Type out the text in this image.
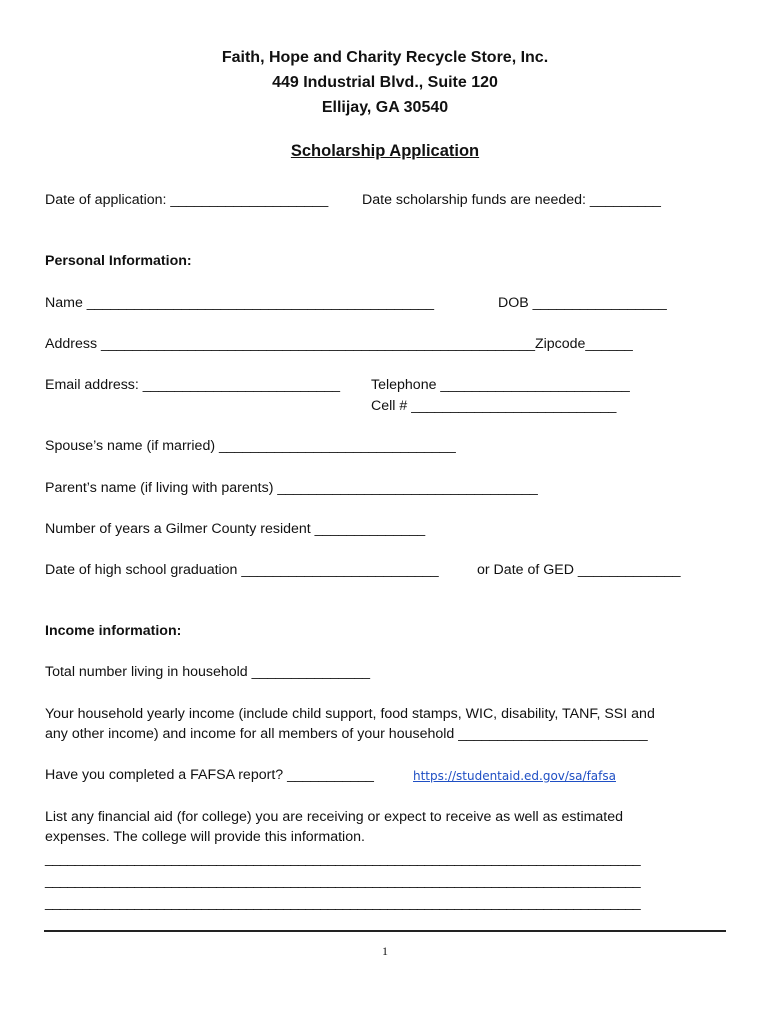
Faith, Hope and Charity Recycle Store, Inc.
449 Industrial Blvd., Suite 120
Ellijay, GA 30540
Scholarship Application
Date of application: ____________________ Date scholarship funds are needed: _________
Personal Information:
Name ____________________________________________	DOB _________________
Address _______________________________________________________Zipcode______
Email address: _________________________ Telephone ________________________
Cell # __________________________
Spouse’s name (if married) ______________________________
Parent’s name (if living with parents) _________________________________
Number of years a Gilmer County resident ______________
Date of high school graduation _________________________	or Date of GED _____________
Income information:
Total number living in household _______________
Your household yearly income (include child support, food stamps, WIC, disability, TANF, SSI and
any other income) and income for all members of your household ________________________
Have you completed a FAFSA report? ___________	https://studentaid.ed.gov/sa/fafsa
List any financial aid (for college) you are receiving or expect to receive as well as estimated
expenses. The college will provide this information.
________________________________________________________________________________
________________________________________________________________________________
________________________________________________________________________________
1
